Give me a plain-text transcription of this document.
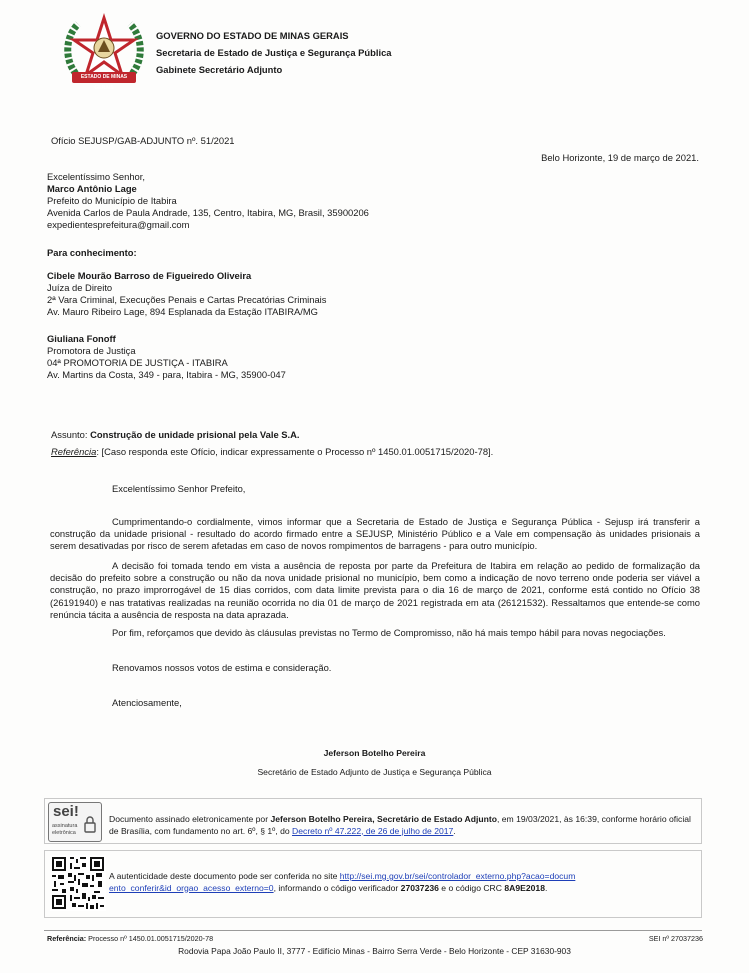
ESTADO DE MINAS GERAIS
GOVERNO DO ESTADO DE MINAS GERAIS
Secretaria de Estado de Justiça e Segurança Pública
Gabinete Secretário Adjunto
Ofício SEJUSP/GAB-ADJUNTO nº. 51/2021
Belo Horizonte, 19 de março de 2021.
Excelentíssimo Senhor,
Marco Antônio Lage
Prefeito do Município de Itabira
Avenida Carlos de Paula Andrade, 135, Centro, Itabira, MG, Brasil, 35900206
expedientesprefeitura@gmail.com
Para conhecimento:
Cibele Mourão Barroso de Figueiredo Oliveira
Juíza de Direito
2ª Vara Criminal, Execuções Penais e Cartas Precatórias Criminais
Av. Mauro Ribeiro Lage, 894 Esplanada da Estação ITABIRA/MG
Giuliana Fonoff
Promotora de Justiça
04ª PROMOTORIA DE JUSTIÇA - ITABIRA
Av. Martins da Costa, 349 - para, Itabira - MG, 35900-047
Assunto: Construção de unidade prisional pela Vale S.A.
Referência: [Caso responda este Ofício, indicar expressamente o Processo nº 1450.01.0051715/2020-78].
Excelentíssimo Senhor Prefeito,
Cumprimentando-o cordialmente, vimos informar que a Secretaria de Estado de Justiça e Segurança Pública - Sejusp irá transferir a construção da unidade prisional - resultado do acordo firmado entre a SEJUSP, Ministério Público e a Vale em compensação às unidades prisionais a serem desativadas por risco de serem afetadas em caso de novos rompimentos de barragens - para outro município.
A decisão foi tomada tendo em vista a ausência de reposta por parte da Prefeitura de Itabira em relação ao pedido de formalização da decisão do prefeito sobre a construção ou não da nova unidade prisional no município, bem como a indicação de novo terreno onde poderia ser viável a construção, no prazo improrrogável de 15 dias corridos, com data limite prevista para o dia 16 de março de 2021, conforme está contido no Ofício 38 (26191940) e nas tratativas realizadas na reunião ocorrida no dia 01 de março de 2021 registrada em ata (26121532). Ressaltamos que entende-se como renúncia tácita a ausência de resposta na data aprazada.
Por fim, reforçamos que devido às cláusulas previstas no Termo de Compromisso, não há mais tempo hábil para novas negociações.
Renovamos nossos votos de estima e consideração.
Atenciosamente,
Jeferson Botelho Pereira
Secretário de Estado Adjunto de Justiça e Segurança Pública
sei!
assinatura
eletrônica
Documento assinado eletronicamente por Jeferson Botelho Pereira, Secretário de Estado Adjunto, em 19/03/2021, às 16:39, conforme horário oficial de Brasília, com fundamento no art. 6º, § 1º, do Decreto nº 47.222, de 26 de julho de 2017.
A autenticidade deste documento pode ser conferida no site http://sei.mg.gov.br/sei/controlador_externo.php?acao=documento_conferir&id_orgao_acesso_externo=0, informando o código verificador 27037236 e o código CRC 8A9E2018.
Referência: Processo nº 1450.01.0051715/2020-78	SEI nº 27037236
Rodovia Papa João Paulo II, 3777 - Edifício Minas - Bairro Serra Verde - Belo Horizonte - CEP 31630-903
